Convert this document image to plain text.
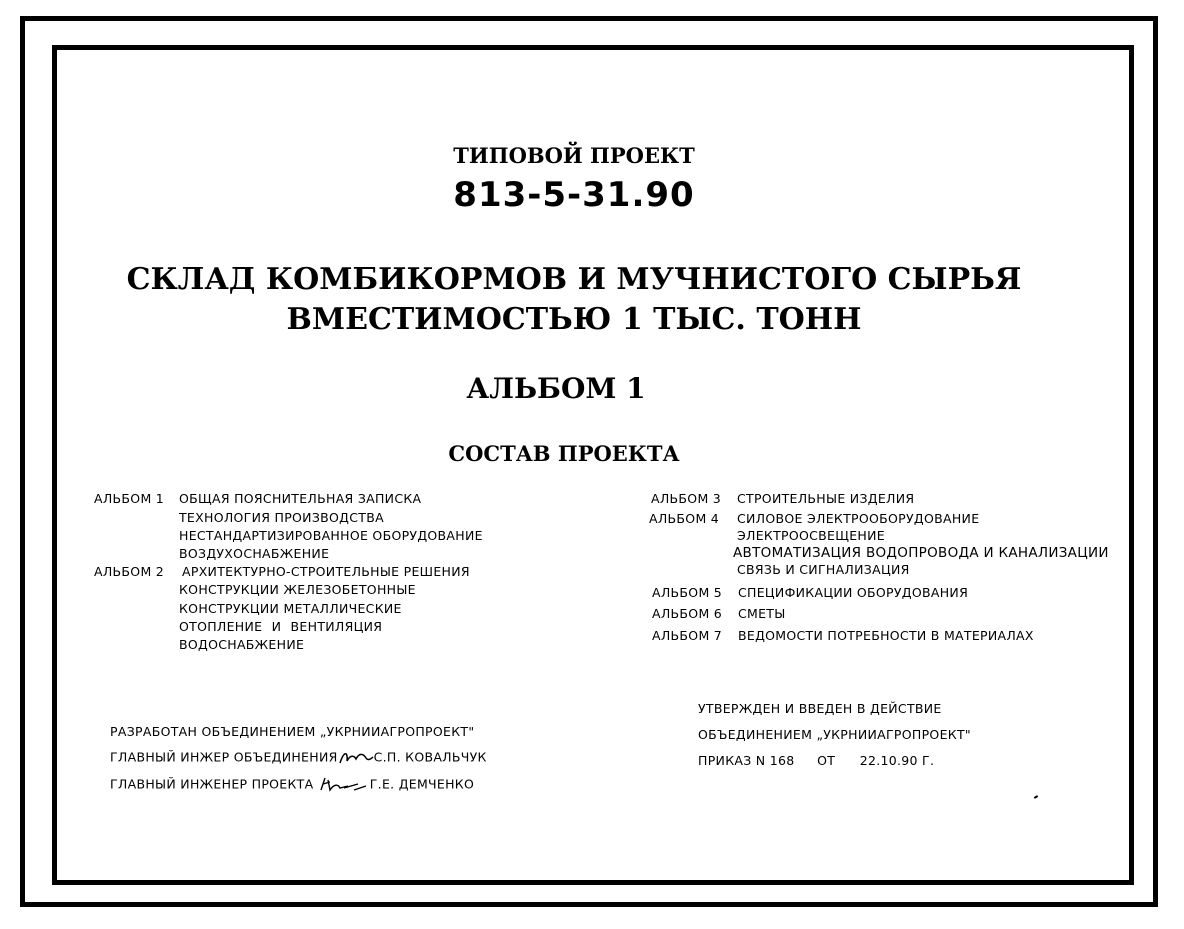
ТИПОВОЙ ПРОЕКТ
813-5-31.90
СКЛАД КОМБИКОРМОВ И МУЧНИСТОГО СЫРЬЯ
ВМЕСТИМОСТЬЮ 1 ТЫС. ТОНН
АЛЬБОМ 1
СОСТАВ ПРОЕКТА
АЛЬБОМ 1 ОБЩАЯ ПОЯСНИТЕЛЬНАЯ ЗАПИСКА
ТЕХНОЛОГИЯ ПРОИЗВОДСТВА
НЕСТАНДАРТИЗИРОВАННОЕ ОБОРУДОВАНИЕ
ВОЗДУХОСНАБЖЕНИЕ
АЛЬБОМ 2 АРХИТЕКТУРНО-СТРОИТЕЛЬНЫЕ РЕШЕНИЯ
КОНСТРУКЦИИ ЖЕЛЕЗОБЕТОННЫЕ
КОНСТРУКЦИИ МЕТАЛЛИЧЕСКИЕ
ОТОПЛЕНИЕ И ВЕНТИЛЯЦИЯ
ВОДОСНАБЖЕНИЕ
АЛЬБОМ 3 СТРОИТЕЛЬНЫЕ ИЗДЕЛИЯ
АЛЬБОМ 4 СИЛОВОЕ ЭЛЕКТРООБОРУДОВАНИЕ
ЭЛЕКТРООСВЕЩЕНИЕ
АВТОМАТИЗАЦИЯ ВОДОПРОВОДА И КАНАЛИЗАЦИИ
СВЯЗЬ И СИГНАЛИЗАЦИЯ
АЛЬБОМ 5 СПЕЦИФИКАЦИИ ОБОРУДОВАНИЯ
АЛЬБОМ 6 СМЕТЫ
АЛЬБОМ 7 ВЕДОМОСТИ ПОТРЕБНОСТИ В МАТЕРИАЛАХ
РАЗРАБОТАН ОБЪЕДИНЕНИЕМ „УКРНИИАГРОПРОЕКТ"
ГЛАВНЫЙ ИНЖЕР ОБЪЕДИНЕНИЯ	С.П. КОВАЛЬЧУК
ГЛАВНЫЙ ИНЖЕНЕР ПРОЕКТА	Г.Е. ДЕМЧЕНКО
УТВЕРЖДЕН И ВВЕДЕН В ДЕЙСТВИЕ
ОБЪЕДИНЕНИЕМ „УКРНИИАГРОПРОЕКТ"
ПРИКАЗ N 168 ОТ 22.10.90 Г.
